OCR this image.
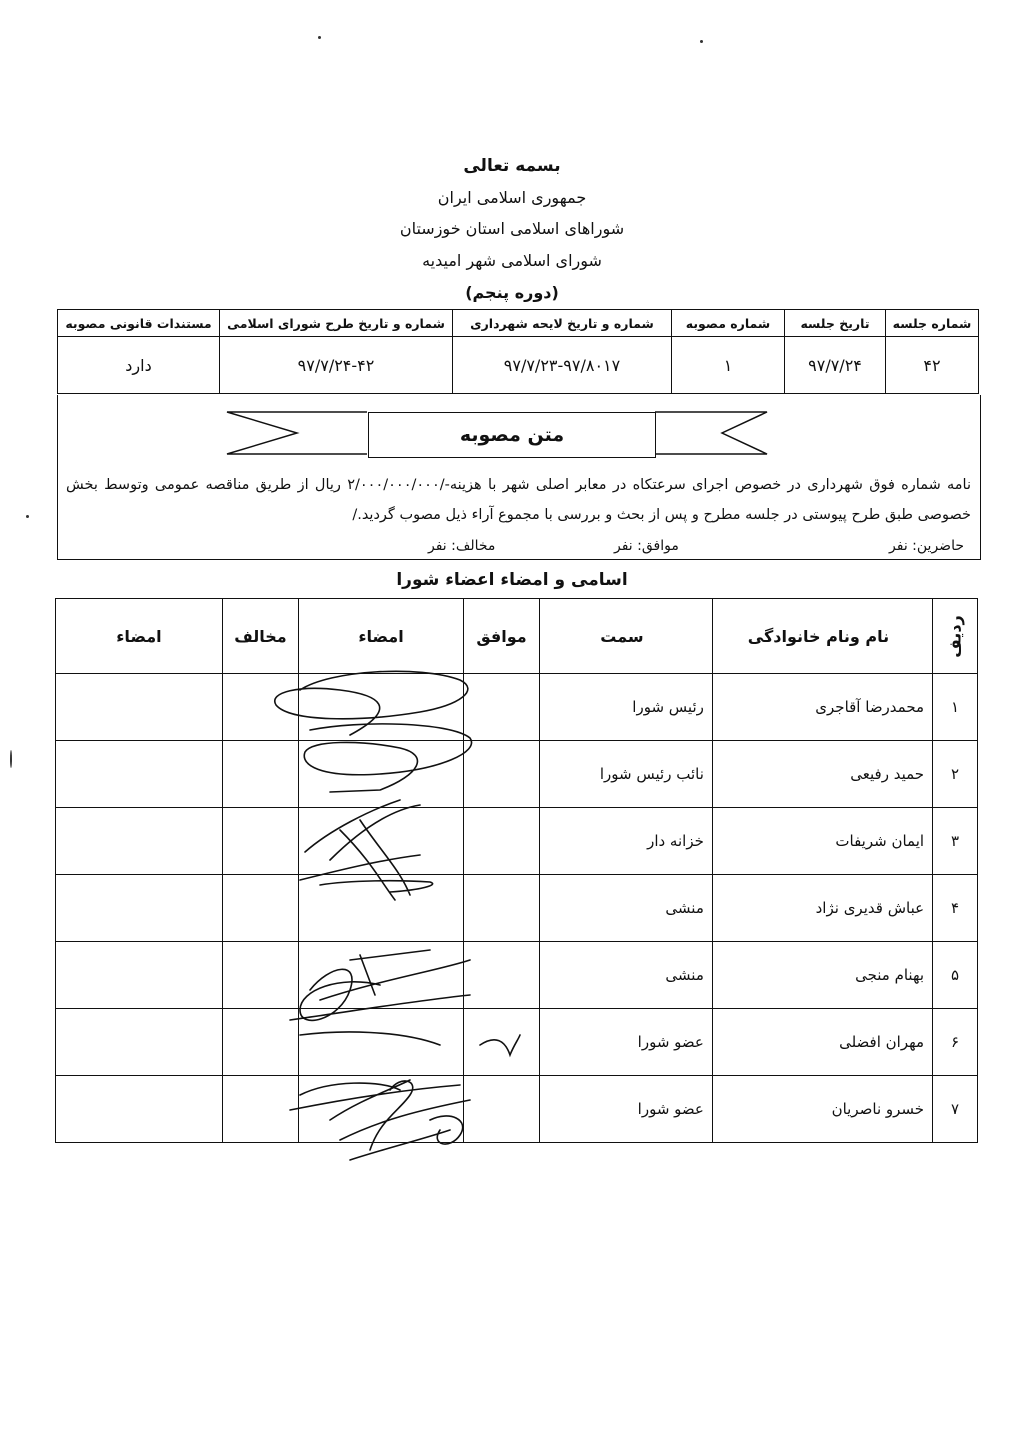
بسمه تعالی
جمهوری اسلامی ایران
شوراهای اسلامی استان خوزستان
شورای اسلامی شهر امیدیه
(دوره پنجم)
شماره جلسه	تاریخ جلسه	شماره مصوبه	شماره و تاریخ لایحه شهرداری	شماره و تاریخ طرح شورای اسلامی	مستندات قانونی مصوبه
۴۲	۹۷/۷/۲۴	۱	۹۷/۷/۲۳-۹۷/۸۰۱۷	۹۷/۷/۲۴-۴۲	دارد
متن مصوبه
نامه شماره فوق شهرداری در خصوص اجرای سرعتکاه در معابر اصلی شهر با هزینه-/۲/۰۰۰/۰۰۰/۰۰۰ ریال از طریق مناقصه عمومی وتوسط بخش خصوصی طبق طرح پیوستی در جلسه مطرح و پس از بحث و بررسی با مجموع آراء ذیل مصوب گردید./
حاضرین: نفر
موافق: نفر
مخالف: نفر
اسامی و امضاء اعضاء شورا
ردیف	نام ونام خانوادگی	سمت	موافق	امضاء	مخالف	امضاء
۱	محمدرضا آقاجری	رئیس شورا				
۲	حمید رفیعی	نائب رئیس شورا				
۳	ایمان شریفات	خزانه دار				
۴	عباش قدیری نژاد	منشی				
۵	بهنام منجی	منشی				
۶	مهران افضلی	عضو شورا				
۷	خسرو ناصریان	عضو شورا				
